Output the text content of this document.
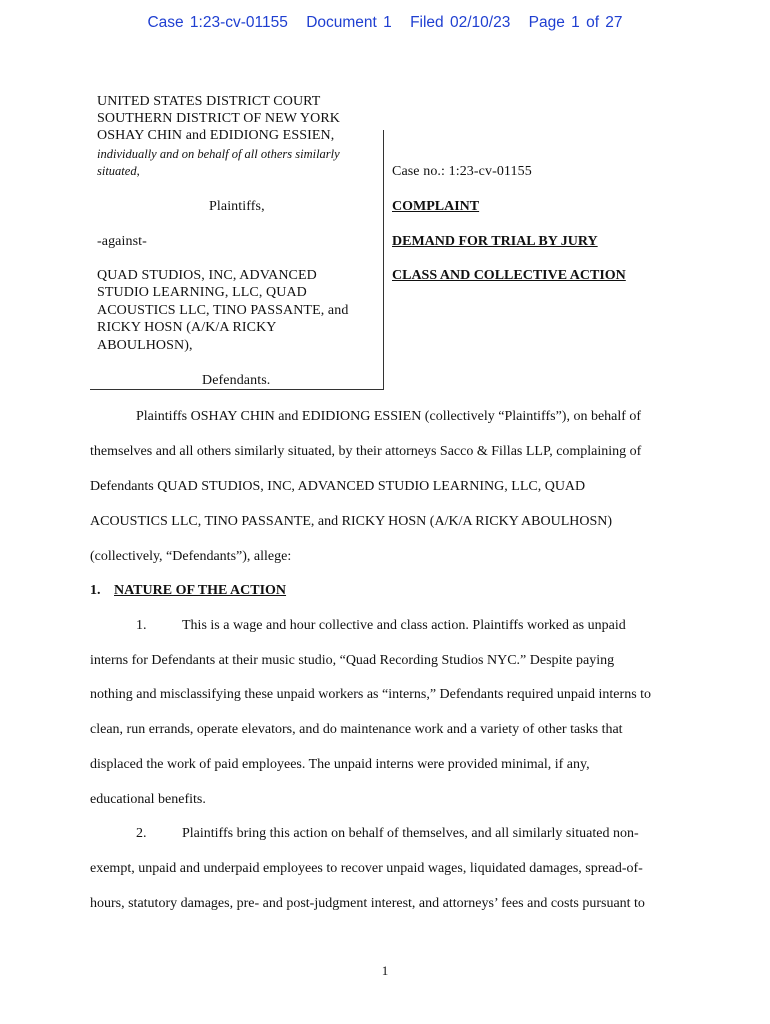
Case 1:23-cv-01155 Document 1 Filed 02/10/23 Page 1 of 27
UNITED STATES DISTRICT COURT
SOUTHERN DISTRICT OF NEW YORK
OSHAY CHIN and EDIDIONG ESSIEN,
individually and on behalf of all others similarly
situated,
Plaintiffs,
-against-
QUAD STUDIOS, INC, ADVANCED
STUDIO LEARNING, LLC, QUAD
ACOUSTICS LLC, TINO PASSANTE, and
RICKY HOSN (A/K/A RICKY
ABOULHOSN),
Defendants.
Case no.: 1:23-cv-01155
COMPLAINT
DEMAND FOR TRIAL BY JURY
CLASS AND COLLECTIVE ACTION
Plaintiffs OSHAY CHIN and EDIDIONG ESSIEN (collectively “Plaintiffs”), on behalf of
themselves and all others similarly situated, by their attorneys Sacco & Fillas LLP, complaining of
Defendants QUAD STUDIOS, INC, ADVANCED STUDIO LEARNING, LLC, QUAD
ACOUSTICS LLC, TINO PASSANTE, and RICKY HOSN (A/K/A RICKY ABOULHOSN)
(collectively, “Defendants”), allege:
1. NATURE OF THE ACTION
1.	This is a wage and hour collective and class action. Plaintiffs worked as unpaid
interns for Defendants at their music studio, “Quad Recording Studios NYC.” Despite paying
nothing and misclassifying these unpaid workers as “interns,” Defendants required unpaid interns to
clean, run errands, operate elevators, and do maintenance work and a variety of other tasks that
displaced the work of paid employees. The unpaid interns were provided minimal, if any,
educational benefits.
2.	Plaintiffs bring this action on behalf of themselves, and all similarly situated non-
exempt, unpaid and underpaid employees to recover unpaid wages, liquidated damages, spread-of-
hours, statutory damages, pre- and post-judgment interest, and attorneys’ fees and costs pursuant to
1
